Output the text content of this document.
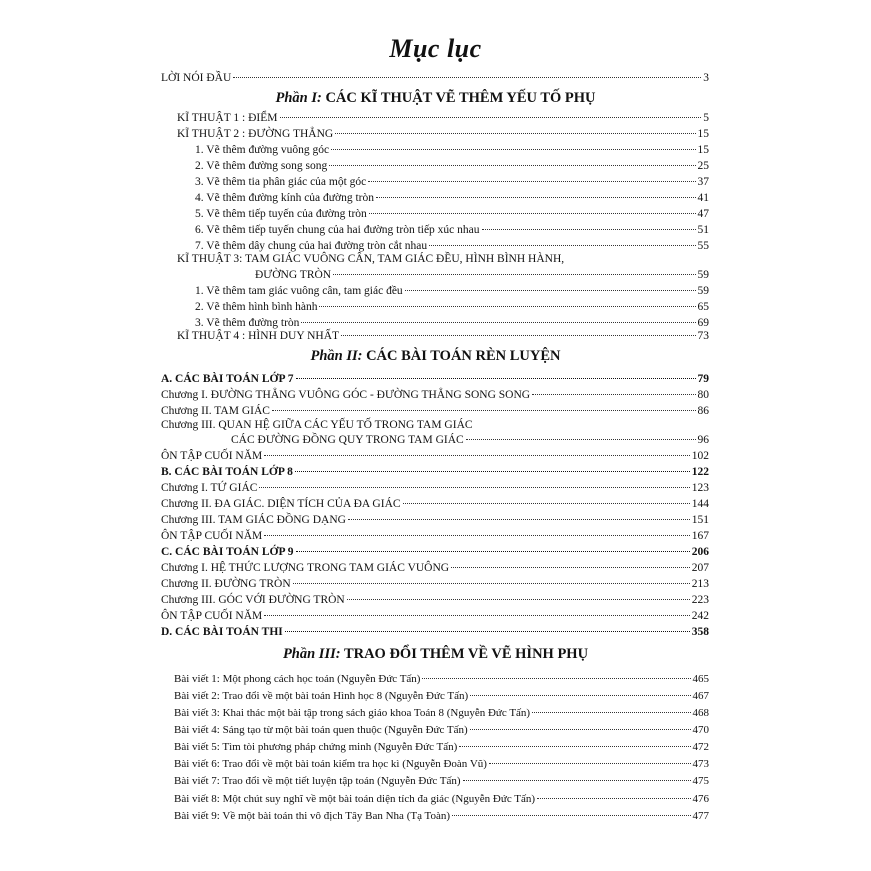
Mục lục
LỜI NÓI ĐẦU	3
Phần I: CÁC KĨ THUẬT VẼ THÊM YẾU TỐ PHỤ
KĨ THUẬT 1 : ĐIỂM	5
KĨ THUẬT 2 : ĐƯỜNG THẲNG	15
1. Vẽ thêm đường vuông góc	15
2. Vẽ thêm đường song song	25
3. Vẽ thêm tia phân giác của một góc	37
4. Vẽ thêm đường kính của đường tròn	41
5. Vẽ thêm tiếp tuyến của đường tròn	47
6. Vẽ thêm tiếp tuyến chung của hai đường tròn tiếp xúc nhau	51
7. Vẽ thêm dây chung của hai đường tròn cắt nhau	55
KĨ THUẬT 3: TAM GIÁC VUÔNG CÂN, TAM GIÁC ĐỀU, HÌNH BÌNH HÀNH,
ĐƯỜNG TRÒN	59
1. Vẽ thêm tam giác vuông cân, tam giác đều	59
2. Vẽ thêm hình bình hành	65
3. Vẽ thêm đường tròn	69
KĨ THUẬT 4 : HÌNH DUY NHẤT	73
Phần II: CÁC BÀI TOÁN RÈN LUYỆN
A. CÁC BÀI TOÁN LỚP 7	79
Chương I. ĐƯỜNG THẲNG VUÔNG GÓC - ĐƯỜNG THẲNG SONG SONG	80
Chương II. TAM GIÁC	86
Chương III. QUAN HỆ GIỮA CÁC YẾU TỐ TRONG TAM GIÁC
CÁC ĐƯỜNG ĐỒNG QUY TRONG TAM GIÁC	96
ÔN TẬP CUỐI NĂM	102
B. CÁC BÀI TOÁN LỚP 8	122
Chương I. TỨ GIÁC	123
Chương II. ĐA GIÁC. DIỆN TÍCH CỦA ĐA GIÁC	144
Chương III. TAM GIÁC ĐỒNG DẠNG	151
ÔN TẬP CUỐI NĂM	167
C. CÁC BÀI TOÁN LỚP 9	206
Chương I. HỆ THỨC LƯỢNG TRONG TAM GIÁC VUÔNG	207
Chương II. ĐƯỜNG TRÒN	213
Chương III. GÓC VỚI ĐƯỜNG TRÒN	223
ÔN TẬP CUỐI NĂM	242
D. CÁC BÀI TOÁN THI	358
Phần III: TRAO ĐỔI THÊM VỀ VẼ HÌNH PHỤ
Bài viết 1: Một phong cách học toán (Nguyễn Đức Tấn)	465
Bài viết 2: Trao đổi về một bài toán Hình học 8 (Nguyễn Đức Tấn)	467
Bài viết 3: Khai thác một bài tập trong sách giáo khoa Toán 8 (Nguyễn Đức Tấn)	468
Bài viết 4: Sáng tạo từ một bài toán quen thuộc (Nguyễn Đức Tấn)	470
Bài viết 5: Tìm tòi phương pháp chứng minh (Nguyễn Đức Tấn)	472
Bài viết 6: Trao đổi về một bài toán kiểm tra học kì (Nguyễn Đoàn Vũ)	473
Bài viết 7: Trao đổi về một tiết luyện tập toán (Nguyễn Đức Tấn)	475
Bài viết 8: Một chút suy nghĩ về một bài toán diện tích đa giác (Nguyễn Đức Tấn)	476
Bài viết 9: Về một bài toán thi vô địch Tây Ban Nha (Tạ Toàn)	477
